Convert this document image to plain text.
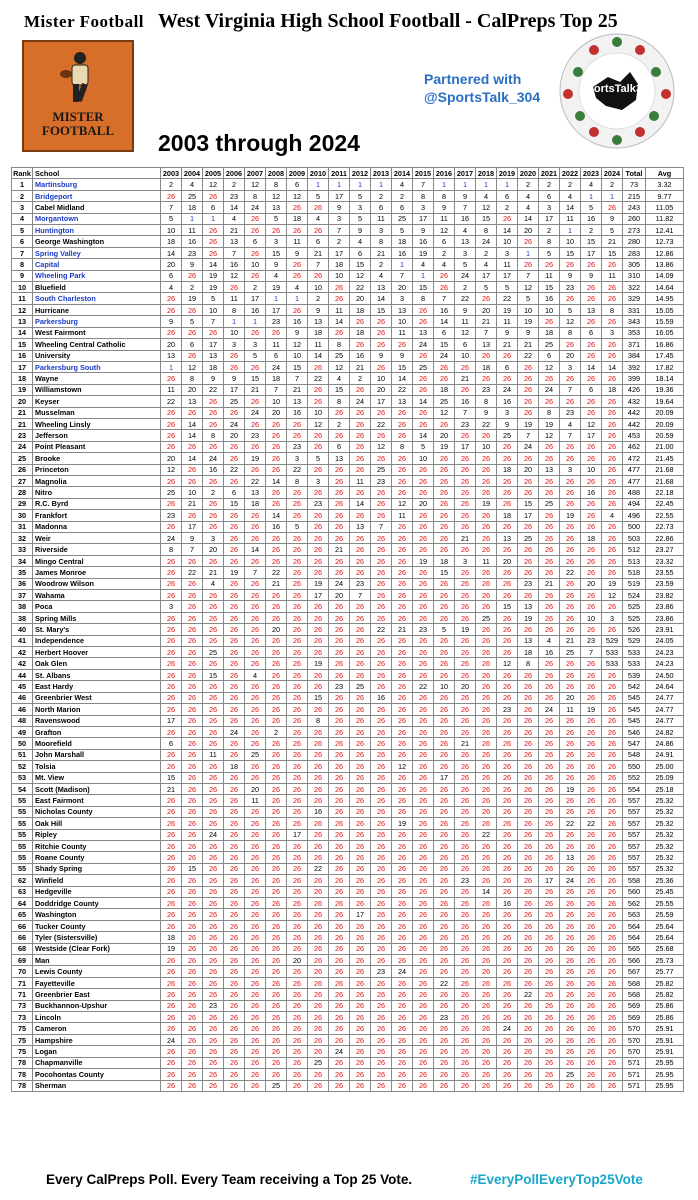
Mister Football West Virginia High School Football - CalPreps Top 25
MISTER
FOOTBALL
Partnered with
@SportsTalk_304	SportsTalk304
2003 through 2024
Rank	School	2003	2004	2005	2006	2007	2008	2009	2010	2011	2012	2013	2014	2015	2016	2017	2018	2019	2020	2021	2022	2023	2024	Total	Avg
1	Martinsburg	2	4	12	2	12	8	6	1	1	1	1	4	7	1	1	1	1	2	2	2	4	2	73	3.32
2	Bridgeport	26	25	26	23	8	12	12	5	17	5	2	2	8	8	9	4	6	4	6	4	1	1	215	9.77
3	Cabel Midland	7	18	6	14	24	13	26	26	9	3	6	6	3	9	7	12	2	4	3	14	5	26	243	11.05
4	Morgantown	5	1	1	4	26	5	18	4	3	5	11	25	17	11	16	15	26	14	17	11	16	9	260	11.82
5	Huntington	10	11	26	21	26	26	26	26	7	9	3	5	9	12	4	8	14	20	2	1	2	5	273	12.41
6	George Washington	18	16	26	13	6	3	11	6	2	4	8	18	16	6	13	24	10	26	8	10	15	21	280	12.73
7	Spring Valley	14	23	26	7	26	15	9	21	17	6	21	16	19	2	3	2	3	1	5	15	17	15	283	12.86
8	Capital	20	9	14	16	10	9	26	7	18	15	2	1	4	4	5	4	11	26	26	26	26	26	305	13.86
9	Wheeling Park	6	26	19	12	26	4	26	26	10	12	4	7	1	26	24	17	17	7	11	9	9	11	310	14.09
10	Bluefield	4	2	19	26	2	19	4	10	26	22	13	20	15	26	2	5	5	12	15	23	26	26	322	14.64
11	South Charleston	26	19	5	11	17	1	1	2	26	20	14	3	8	7	22	26	22	5	16	26	26	26	329	14.95
12	Hurricane	26	26	10	8	16	17	26	9	11	18	15	13	26	16	9	20	19	10	10	5	13	8	331	15.05
13	Parkersburg	9	5	7	1	1	23	16	13	14	26	26	10	26	14	11	21	11	19	26	12	26	26	343	15.59
14	West Fairmont	26	26	26	10	26	26	9	18	26	18	26	11	13	6	12	7	9	9	18	8	6	3	353	16.05
15	Wheeling Central Catholic	20	6	17	3	3	11	12	11	8	26	26	26	24	15	6	13	21	21	25	26	26	26	371	16.86
16	University	13	26	13	26	5	6	10	14	25	16	9	9	26	24	10	26	26	22	6	20	26	26	384	17.45
17	Parkersburg South	1	12	18	26	26	24	15	26	12	21	26	15	25	26	26	18	6	26	12	3	14	14	392	17.82
18	Wayne	26	8	9	9	15	18	7	22	4	2	10	14	26	26	21	26	26	26	26	26	26	26	399	18.14
19	Williamstown	11	20	22	17	21	7	21	26	15	26	20	22	26	18	26	23	24	26	24	7	6	18	426	19.36
20	Keyser	22	13	26	25	26	10	13	26	8	24	17	13	14	25	16	8	16	26	26	26	26	26	432	19.64
21	Musselman	26	26	26	26	24	20	16	10	26	26	26	26	26	12	7	9	3	26	8	23	26	26	442	20.09
21	Wheeling Linsly	26	14	26	24	26	26	26	12	2	26	22	26	26	26	23	22	9	19	19	4	12	26	442	20.09
23	Jefferson	26	14	8	20	23	26	26	26	26	26	26	26	14	20	26	26	25	7	12	7	17	26	453	20.59
24	Point Pleasant	26	26	26	26	26	26	23	26	6	26	12	8	5	19	17	10	26	24	26	26	26	26	462	21.00
25	Brooke	20	14	24	26	19	26	3	5	13	26	26	26	10	26	26	26	26	26	26	26	26	26	472	21.45
26	Princeton	12	26	16	22	26	26	22	26	26	26	25	26	26	26	26	26	18	20	13	3	10	26	477	21.68
27	Magnolia	26	26	26	26	22	14	8	3	26	11	23	26	26	26	26	26	26	26	26	26	26	26	477	21.68
28	Nitro	25	10	2	6	13	26	26	26	26	26	26	26	26	26	26	26	26	26	26	26	16	26	488	22.18
29	R.C. Byrd	26	21	26	15	18	26	26	23	26	14	26	12	20	26	26	19	26	15	25	26	26	26	494	22.45
30	Frankfort	23	26	26	26	26	14	26	26	26	26	26	11	26	26	26	26	18	17	26	19	26	4	496	22.55
31	Madonna	26	17	26	26	26	16	5	26	26	13	7	26	26	26	26	26	26	26	26	26	26	26	500	22.73
32	Weir	24	9	3	26	26	26	26	26	26	26	26	26	26	26	21	26	13	25	26	26	18	26	503	22.86
33	Riverside	8	7	20	26	14	26	26	26	21	26	26	26	26	26	26	26	26	26	26	26	26	26	512	23.27
34	Mingo Central	26	26	26	26	26	26	26	26	26	26	26	26	19	18	3	11	20	26	26	26	26	26	513	23.32
35	James Monroe	26	22	21	19	7	22	26	26	26	26	26	26	26	15	26	26	26	26	26	22	26	26	518	23.55
36	Woodrow Wilson	26	26	4	26	26	21	26	19	24	23	26	26	26	26	26	26	26	23	21	26	20	19	519	23.59
37	Wahama	26	26	26	26	26	26	26	17	20	7	26	26	26	26	26	26	26	26	26	26	26	12	524	23.82
38	Poca	3	26	26	26	26	26	26	26	26	26	26	26	26	26	26	26	15	13	26	26	26	26	525	23.86
38	Spring Mills	26	26	26	26	26	26	26	26	26	26	26	26	26	26	26	25	26	19	26	26	10	3	525	23.86
40	St. Mary's	26	26	26	26	26	20	26	26	26	26	22	21	23	5	19	26	26	26	26	26	26	26	526	23.91
41	Independence	26	26	26	26	26	26	26	26	26	26	26	26	26	26	26	26	26	13	4	21	23	529	529	24.05
42	Herbert Hoover	26	26	25	26	26	26	26	26	26	26	26	26	26	26	26	26	26	18	16	25	7	533	533	24.23
42	Oak Glen	26	26	26	26	26	26	26	19	26	26	26	26	26	26	26	26	12	8	26	26	26	533	533	24.23
44	St. Albans	26	26	15	26	4	26	26	26	26	26	26	26	26	26	26	26	26	26	26	26	26	26	539	24.50
45	East Hardy	26	26	26	26	26	26	26	26	23	25	26	26	22	10	20	26	26	26	26	26	26	26	542	24.64
46	Greenbrier West	26	26	26	26	26	26	26	15	26	26	16	26	26	26	26	26	26	26	26	20	26	26	545	24.77
46	North Marion	26	26	26	26	26	26	26	26	26	26	26	26	26	26	26	26	23	26	24	11	19	26	545	24.77
48	Ravenswood	17	26	26	26	26	26	26	8	26	26	26	26	26	26	26	26	26	26	26	26	26	26	545	24.77
49	Grafton	26	26	26	24	26	2	26	26	26	26	26	26	26	26	26	26	26	26	26	26	26	26	546	24.82
50	Moorefield	6	26	26	26	26	26	26	26	26	26	26	26	26	26	21	26	26	26	26	26	26	26	547	24.86
51	John Marshall	26	26	11	26	25	26	26	26	26	26	26	26	26	26	26	26	26	26	26	26	26	26	548	24.91
52	Tolsia	26	26	26	18	26	26	26	26	26	26	26	12	26	26	26	26	26	26	26	26	26	26	550	25.00
53	Mt. View	15	26	26	26	26	26	26	26	26	26	26	26	26	17	26	26	26	26	26	26	26	26	552	25.09
54	Scott (Madison)	21	26	26	26	20	26	26	26	26	26	26	26	26	26	26	26	26	26	26	19	26	26	554	25.18
55	East Fairmont	26	26	26	26	11	26	26	26	26	26	26	26	26	26	26	26	26	26	26	26	26	26	557	25.32
55	Nicholas County	26	26	26	26	26	26	26	16	26	26	26	26	26	26	26	26	26	26	26	26	26	26	557	25.32
55	Oak Hill	26	26	26	26	26	26	26	26	26	26	26	19	26	26	26	26	26	26	26	22	22	26	557	25.32
55	Ripley	26	26	24	26	26	26	17	26	26	26	26	26	26	26	26	22	26	26	26	26	26	26	557	25.32
55	Ritchie County	26	26	26	26	26	26	26	26	26	26	26	26	26	26	26	26	26	26	26	26	26	26	557	25.32
55	Roane County	26	26	26	26	26	26	26	26	26	26	26	26	26	26	26	26	26	26	26	13	26	26	557	25.32
55	Shady Spring	26	15	26	26	26	26	26	22	26	26	26	26	26	26	26	26	26	26	26	26	26	26	557	25.32
62	Winfield	26	26	26	26	26	26	26	26	26	26	26	26	26	26	23	26	26	26	17	24	26	26	558	25.36
63	Hedgeville	26	26	26	26	26	26	26	26	26	26	26	26	26	26	26	14	26	26	26	26	26	26	560	25.45
64	Doddridge County	26	26	26	26	26	26	26	26	26	26	26	26	26	26	26	26	16	26	26	26	26	26	562	25.55
65	Washington	26	26	26	26	26	26	26	26	26	17	26	26	26	26	26	26	26	26	26	26	26	26	563	25.59
66	Tucker County	26	26	26	26	26	26	26	26	26	26	26	26	26	26	26	26	26	26	26	26	26	26	564	25.64
66	Tyler (Sistersville)	18	26	26	26	26	26	26	26	26	26	26	26	26	26	26	26	26	26	26	26	26	26	564	25.64
68	Westside (Clear Fork)	19	26	26	26	26	26	26	26	26	26	26	26	26	26	26	26	26	26	26	26	26	26	565	25.68
69	Man	26	26	26	26	26	26	20	26	26	26	26	26	26	26	26	26	26	26	26	26	26	26	566	25.73
70	Lewis County	26	26	26	26	26	26	26	26	26	26	23	24	26	26	26	26	26	26	26	26	26	26	567	25.77
71	Fayetteville	26	26	26	26	26	26	26	26	26	26	26	26	26	22	26	26	26	26	26	26	26	26	568	25.82
71	Greenbrier East	26	26	26	26	26	26	26	26	26	26	26	26	26	26	26	26	26	22	26	26	26	26	568	25.82
73	Buckhannon-Upshur	26	26	23	26	26	26	26	26	26	26	26	26	26	26	26	26	26	26	26	26	26	26	569	25.86
73	Lincoln	26	26	26	26	26	26	26	26	26	26	26	26	26	23	26	26	26	26	26	26	26	26	569	25.86
75	Cameron	26	26	26	26	26	26	26	26	26	26	26	26	26	26	26	26	24	26	26	26	26	26	570	25.91
75	Hampshire	24	26	26	26	26	26	26	26	26	26	26	26	26	26	26	26	26	26	26	26	26	26	570	25.91
75	Logan	26	26	26	26	26	26	26	26	24	26	26	26	26	26	26	26	26	26	26	26	26	26	570	25.91
78	Chapmanville	26	26	26	26	26	26	26	25	26	26	26	26	26	26	26	26	26	26	26	26	26	26	571	25.95
78	Pocohontas County	26	26	26	26	26	26	26	26	26	26	26	26	26	26	26	26	26	26	26	25	26	26	571	25.95
78	Sherman	26	26	26	26	26	25	26	26	26	26	26	26	26	26	26	26	26	26	26	26	26	26	571	25.95
Every CalPreps Poll. Every Team receiving a Top 25 Vote.	#EveryPollEveryTop25Vote
